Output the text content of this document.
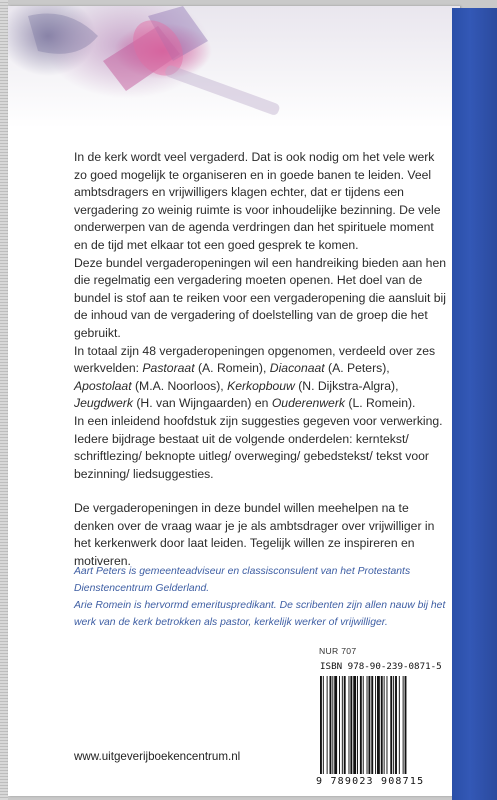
In de kerk wordt veel vergaderd. Dat is ook nodig om het vele werk zo goed mogelijk te organiseren en in goede banen te leiden. Veel ambtsdragers en vrijwilligers klagen echter, dat er tijdens een vergadering zo weinig ruimte is voor inhoudelijke bezinning. De vele onderwerpen van de agenda verdringen dan het spirituele moment en de tijd met elkaar tot een goed gesprek te komen.

Deze bundel vergaderopeningen wil een handreiking bieden aan hen die regelmatig een vergadering moeten openen. Het doel van de bundel is stof aan te reiken voor een vergaderopening die aansluit bij de inhoud van de vergadering of doelstelling van de groep die het gebruikt.

In totaal zijn 48 vergaderopeningen opgenomen, verdeeld over zes werkvelden: Pastoraat (A. Romein), Diaconaat (A. Peters), Apostolaat (M.A. Noorloos), Kerkopbouw (N. Dijkstra-Algra), Jeugdwerk (H. van Wijngaarden) en Ouderenwerk (L. Romein).

In een inleidend hoofdstuk zijn suggesties gegeven voor verwerking. Iedere bijdrage bestaat uit de volgende onderdelen: kerntekst/ schriftlezing/ beknopte uitleg/ overweging/ gebedstekst/ tekst voor bezinning/ liedsuggesties.

De vergaderopeningen in deze bundel willen meehelpen na te denken over de vraag waar je je als ambtsdrager over vrijwilliger in het kerkenwerk door laat leiden. Tegelijk willen ze inspireren en motiveren.

Aart Peters is gemeenteadviseur en classisconsulent van het Protestants Dienstencentrum Gelderland.

Arie Romein is hervormd emerituspredikant. De scribenten zijn allen nauw bij het werk van de kerk betrokken als pastor, kerkelijk werker of vrijwilliger.

NUR 707
ISBN 978-90-239-0871-5
9 789023 908715
www.uitgeverijboekencentrum.nl
